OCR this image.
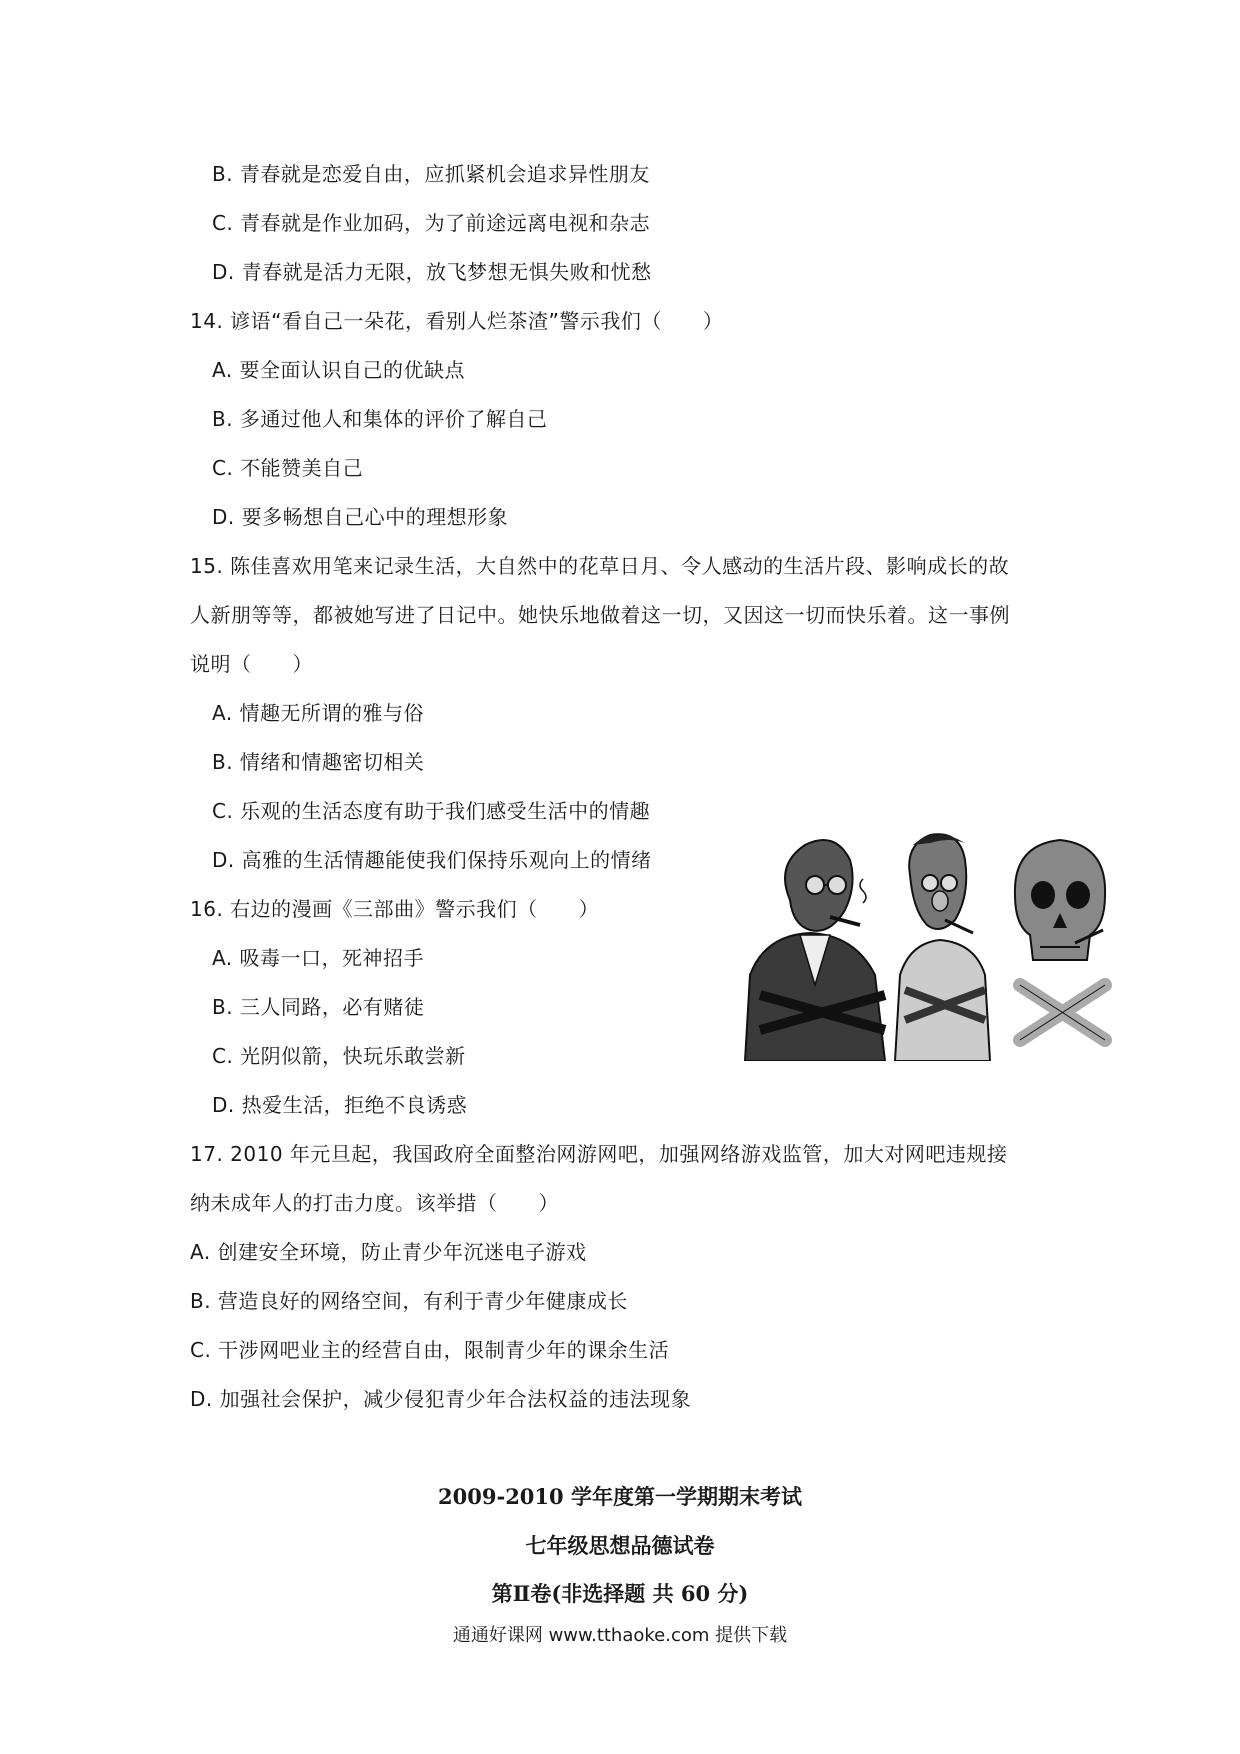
B. 青春就是恋爱自由，应抓紧机会追求异性朋友
C. 青春就是作业加码，为了前途远离电视和杂志
D. 青春就是活力无限，放飞梦想无惧失败和忧愁
14. 谚语“看自己一朵花，看别人烂茶渣”警示我们（　　）
A. 要全面认识自己的优缺点
B. 多通过他人和集体的评价了解自己
C. 不能赞美自己
D. 要多畅想自己心中的理想形象
15. 陈佳喜欢用笔来记录生活，大自然中的花草日月、令人感动的生活片段、影响成长的故
人新朋等等，都被她写进了日记中。她快乐地做着这一切，又因这一切而快乐着。这一事例
说明（　　）
A. 情趣无所谓的雅与俗
B. 情绪和情趣密切相关
C. 乐观的生活态度有助于我们感受生活中的情趣
D. 高雅的生活情趣能使我们保持乐观向上的情绪
16. 右边的漫画《三部曲》警示我们（　　）
A. 吸毒一口，死神招手
B. 三人同路，必有赌徒
C. 光阴似箭，快玩乐敢尝新
D. 热爱生活，拒绝不良诱惑
17. 2010 年元旦起，我国政府全面整治网游网吧，加强网络游戏监管，加大对网吧违规接
纳未成年人的打击力度。该举措（　　）
A. 创建安全环境，防止青少年沉迷电子游戏
B. 营造良好的网络空间，有利于青少年健康成长
C. 干涉网吧业主的经营自由，限制青少年的课余生活
D. 加强社会保护，减少侵犯青少年合法权益的违法现象
2009-2010 学年度第一学期期末考试
七年级思想品德试卷
第Ⅱ卷(非选择题 共 60 分)
通通好课网 www.tthaoke.com 提供下载
